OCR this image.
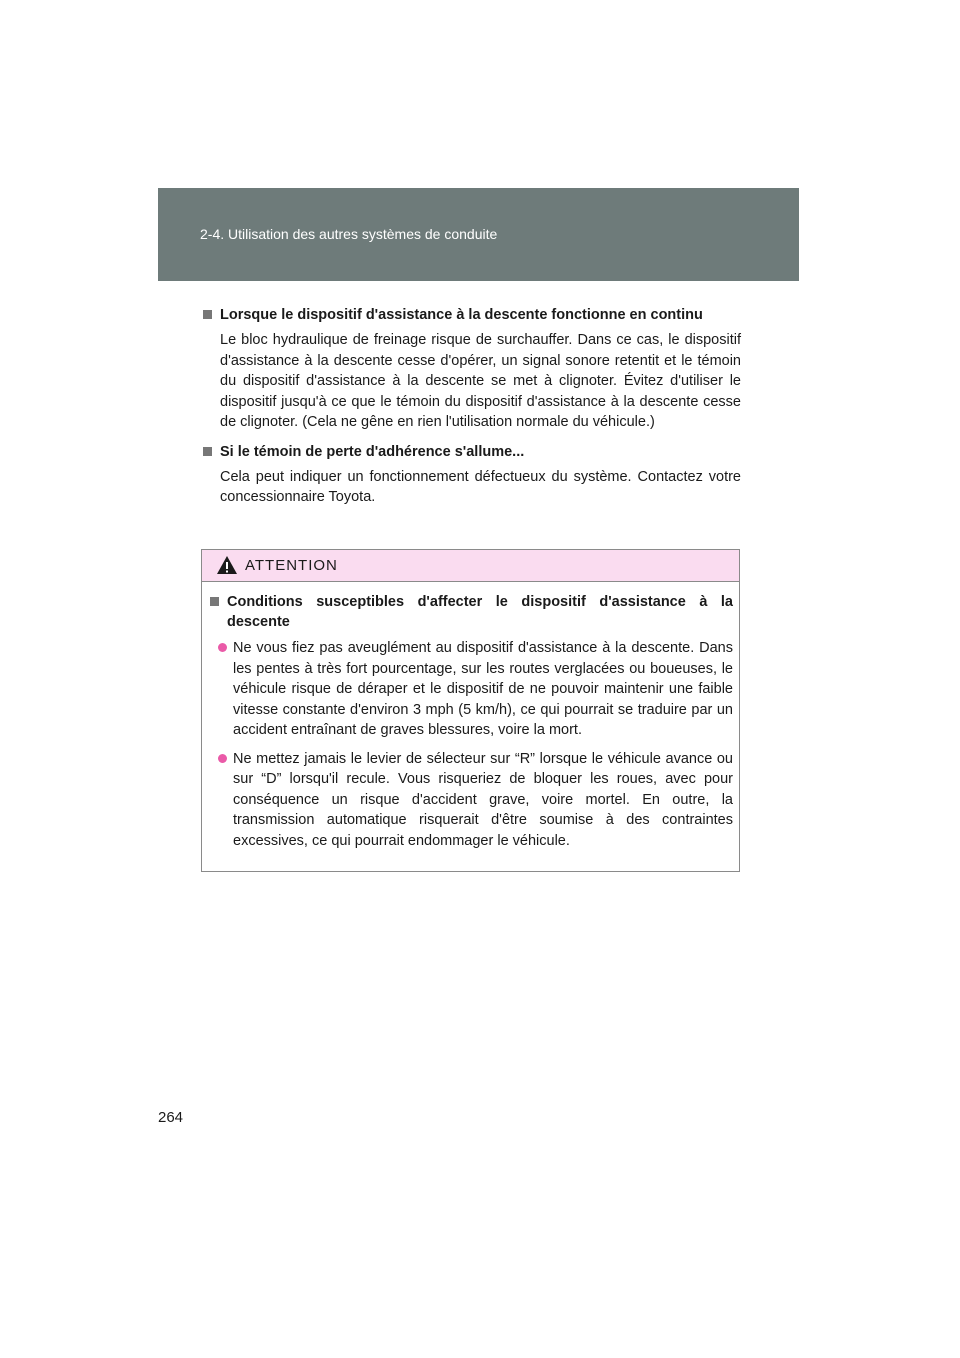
2-4. Utilisation des autres systèmes de conduite
Lorsque le dispositif d'assistance à la descente fonctionne en continu

Le bloc hydraulique de freinage risque de surchauffer. Dans ce cas, le dispositif d'assistance à la descente cesse d'opérer, un signal sonore retentit et le témoin du dispositif d'assistance à la descente se met à clignoter. Évitez d'utiliser le dispositif jusqu'à ce que le témoin du dispositif d'assistance à la descente cesse de clignoter. (Cela ne gêne en rien l'utilisation normale du véhicule.)

Si le témoin de perte d'adhérence s'allume...

Cela peut indiquer un fonctionnement défectueux du système. Contactez votre concessionnaire Toyota.

ATTENTION
Conditions susceptibles d'affecter le dispositif d'assistance à la descente
Ne vous fiez pas aveuglément au dispositif d'assistance à la descente. Dans les pentes à très fort pourcentage, sur les routes verglacées ou boueuses, le véhicule risque de déraper et le dispositif de ne pouvoir maintenir une faible vitesse constante d'environ 3 mph (5 km/h), ce qui pourrait se traduire par un accident entraînant de graves blessures, voire la mort.
Ne mettez jamais le levier de sélecteur sur “R” lorsque le véhicule avance ou sur “D” lorsqu'il recule. Vous risqueriez de bloquer les roues, avec pour conséquence un risque d'accident grave, voire mortel. En outre, la transmission automatique risquerait d'être soumise à des contraintes excessives, ce qui pourrait endommager le véhicule.
264
